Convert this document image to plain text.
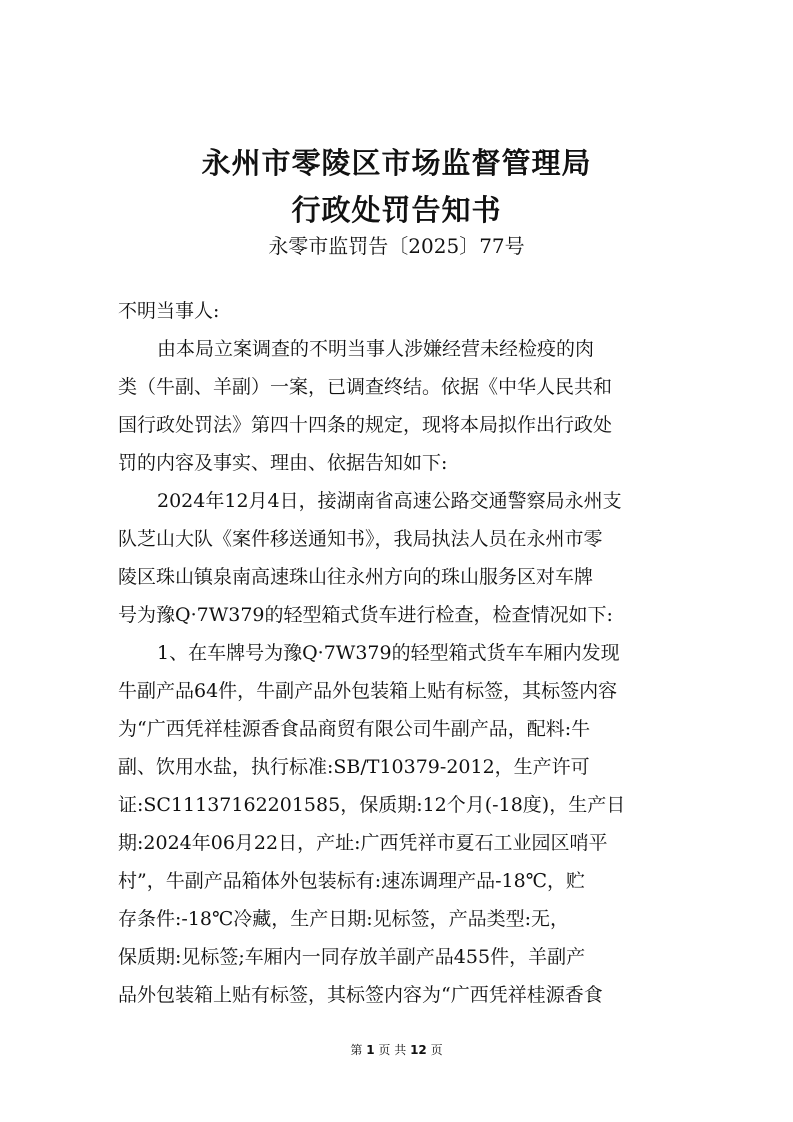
永州市零陵区市场监督管理局
行政处罚告知书
永零市监罚告〔2025〕77号
不明当事人:
由本局立案调查的不明当事人涉嫌经营未经检疫的肉
类（牛副、羊副）一案，已调查终结。依据《中华人民共和
国行政处罚法》第四十四条的规定，现将本局拟作出行政处
罚的内容及事实、理由、依据告知如下:
2024年12月4日，接湖南省高速公路交通警察局永州支
队芝山大队《案件移送通知书》，我局执法人员在永州市零
陵区珠山镇泉南高速珠山往永州方向的珠山服务区对车牌
号为豫Q·7W379的轻型箱式货车进行检查，检查情况如下:
1、在车牌号为豫Q·7W379的轻型箱式货车车厢内发现
牛副产品64件，牛副产品外包装箱上贴有标签，其标签内容
为“广西凭祥桂源香食品商贸有限公司牛副产品，配料:牛
副、饮用水盐，执行标准:SB/T10379-2012，生产许可
证:SC11137162201585，保质期:12个月(-18度)，生产日
期:2024年06月22日，产址:广西凭祥市夏石工业园区哨平
村”，牛副产品箱体外包装标有:速冻调理产品-18℃，贮
存条件:-18℃冷藏，生产日期:见标签，产品类型:无，
保质期:见标签;车厢内一同存放羊副产品455件，羊副产
品外包装箱上贴有标签，其标签内容为“广西凭祥桂源香食
第 1 页 共 12 页
